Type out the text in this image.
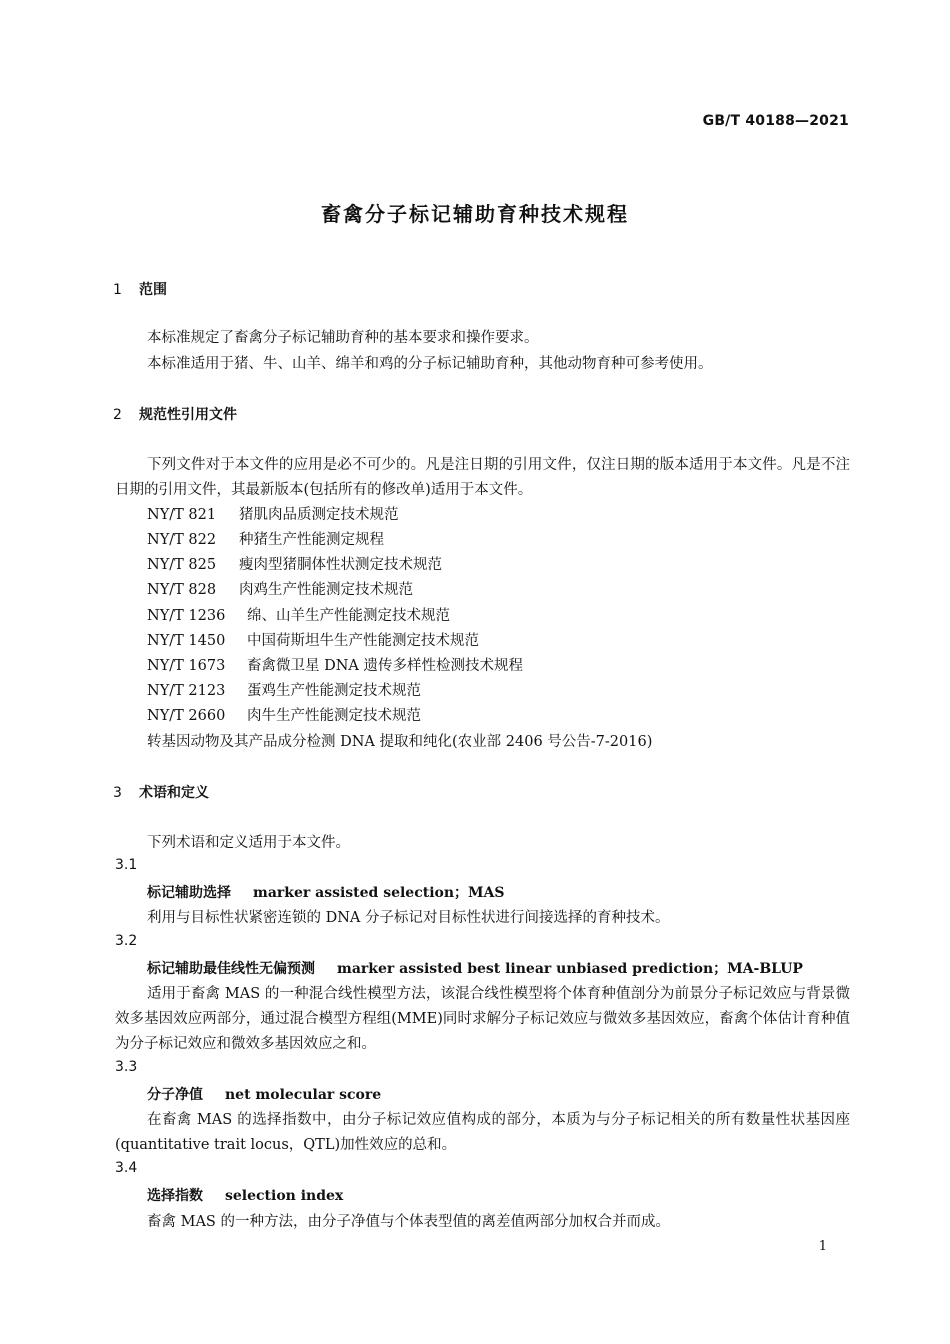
GB/T 40188—2021
畜禽分子标记辅助育种技术规程
1 范围
本标准规定了畜禽分子标记辅助育种的基本要求和操作要求。
本标准适用于猪、牛、山羊、绵羊和鸡的分子标记辅助育种，其他动物育种可参考使用。
2 规范性引用文件
下列文件对于本文件的应用是必不可少的。凡是注日期的引用文件，仅注日期的版本适用于本文件。凡是不注日期的引用文件，其最新版本(包括所有的修改单)适用于本文件。
NY/T 821 猪肌肉品质测定技术规范
NY/T 822 种猪生产性能测定规程
NY/T 825 瘦肉型猪胴体性状测定技术规范
NY/T 828 肉鸡生产性能测定技术规范
NY/T 1236 绵、山羊生产性能测定技术规范
NY/T 1450 中国荷斯坦牛生产性能测定技术规范
NY/T 1673 畜禽微卫星 DNA 遗传多样性检测技术规程
NY/T 2123 蛋鸡生产性能测定技术规范
NY/T 2660 肉牛生产性能测定技术规范
转基因动物及其产品成分检测 DNA 提取和纯化(农业部 2406 号公告-7-2016)
3 术语和定义
下列术语和定义适用于本文件。
3.1
标记辅助选择 marker assisted selection；MAS
利用与目标性状紧密连锁的 DNA 分子标记对目标性状进行间接选择的育种技术。
3.2
标记辅助最佳线性无偏预测 marker assisted best linear unbiased prediction；MA-BLUP
适用于畜禽 MAS 的一种混合线性模型方法，该混合线性模型将个体育种值剖分为前景分子标记效应与背景微效多基因效应两部分，通过混合模型方程组(MME)同时求解分子标记效应与微效多基因效应，畜禽个体估计育种值为分子标记效应和微效多基因效应之和。
3.3
分子净值 net molecular score
在畜禽 MAS 的选择指数中，由分子标记效应值构成的部分，本质为与分子标记相关的所有数量性状基因座(quantitative trait locus，QTL)加性效应的总和。
3.4
选择指数 selection index
畜禽 MAS 的一种方法，由分子净值与个体表型值的离差值两部分加权合并而成。
1
